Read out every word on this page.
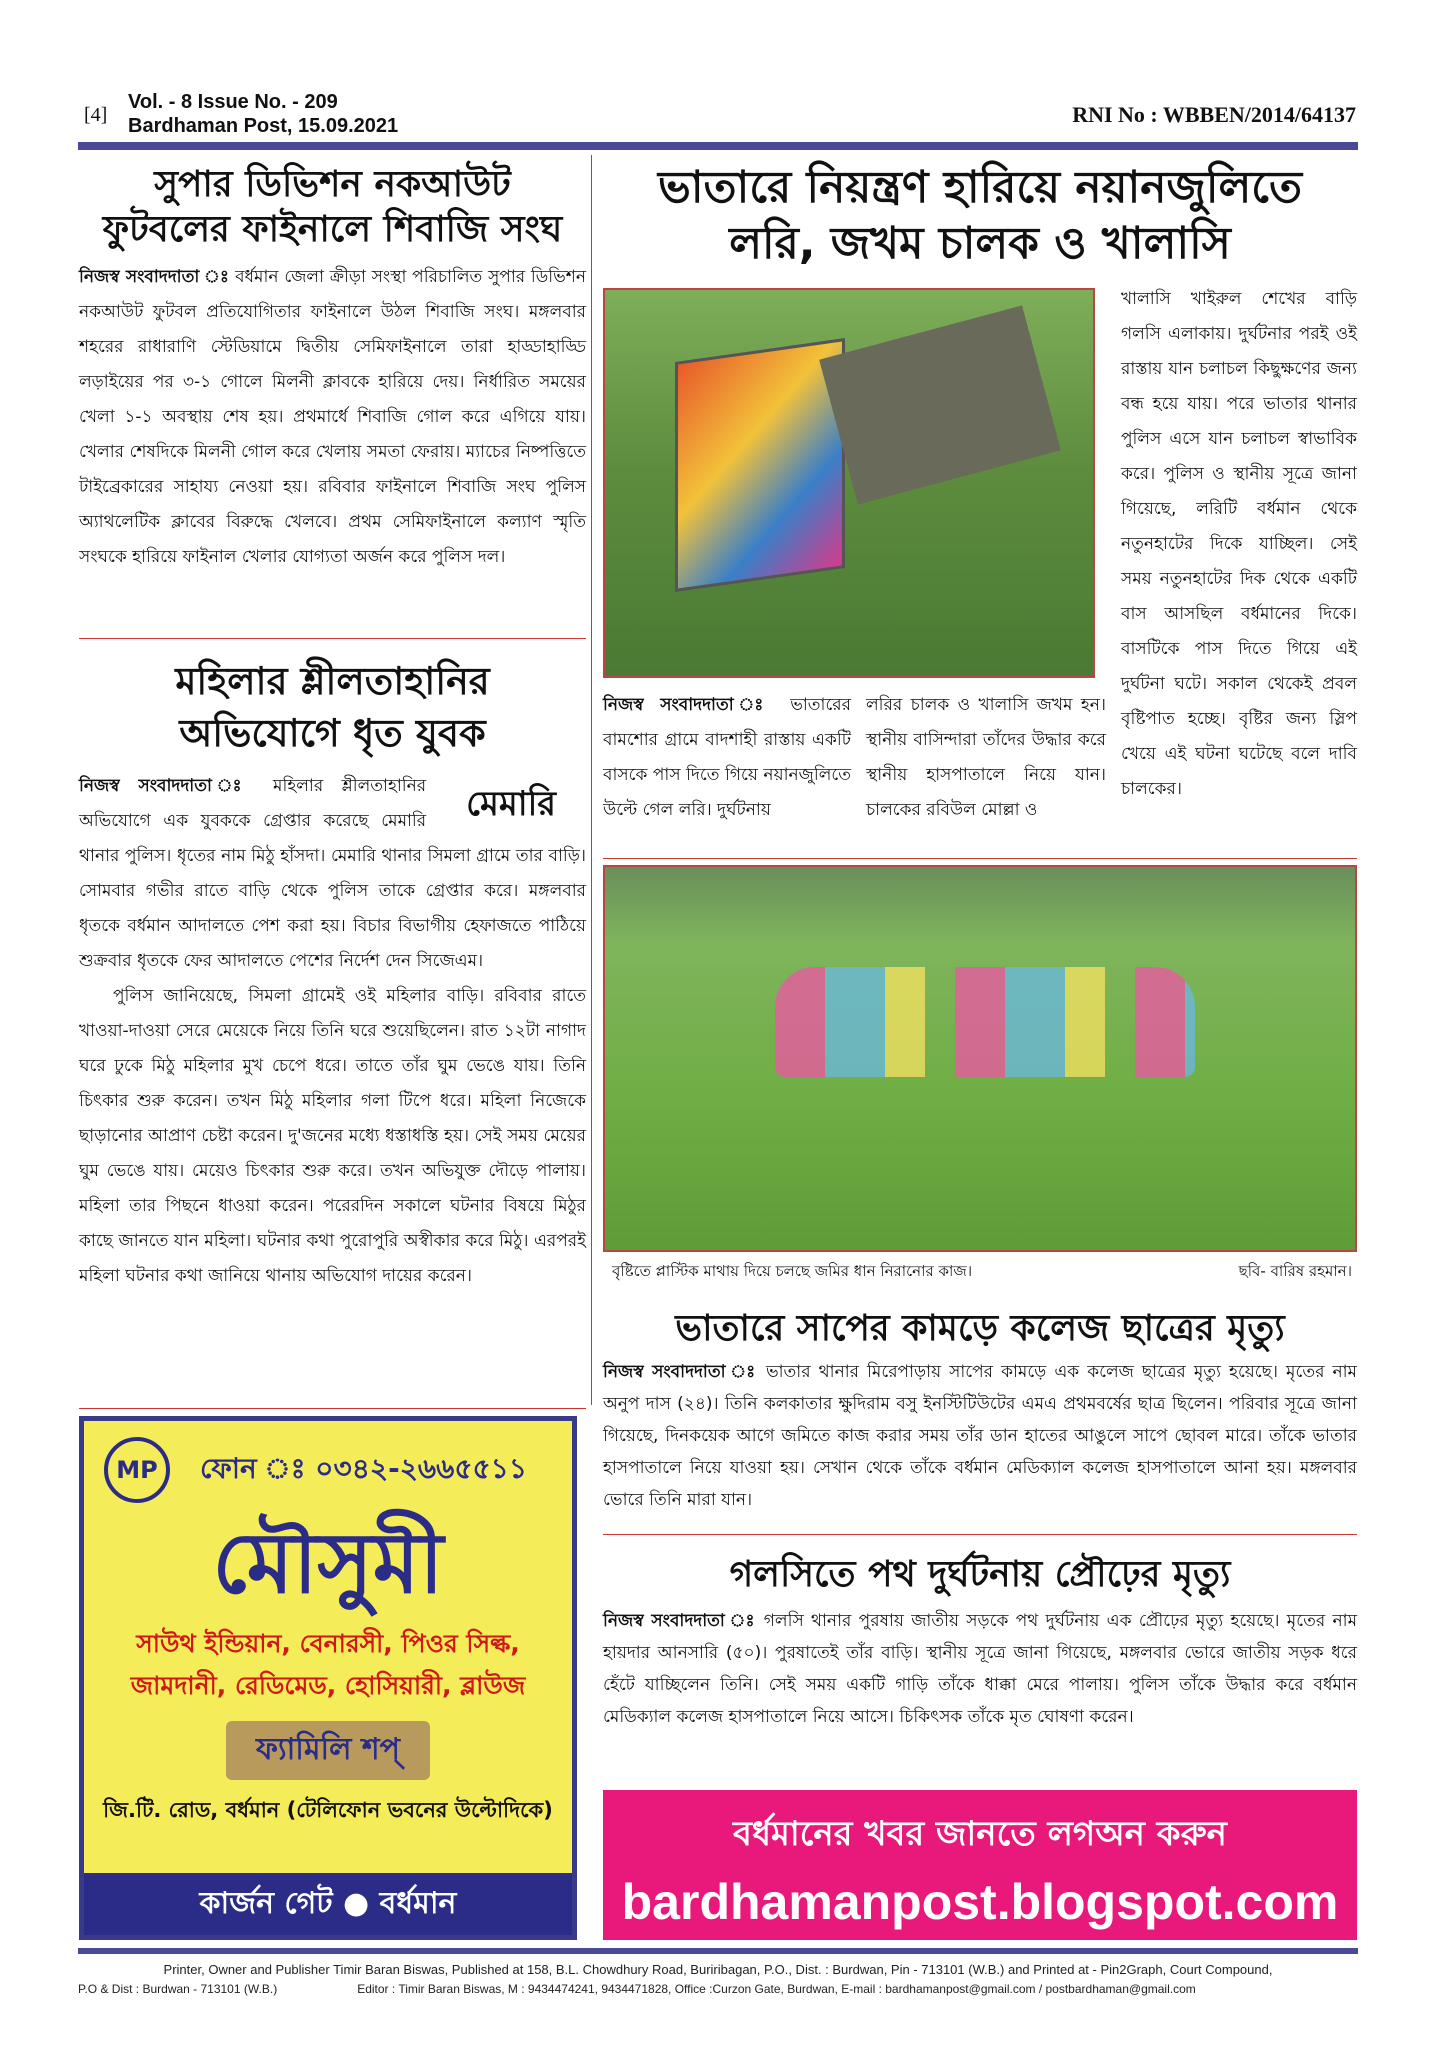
[4]
Vol. - 8 Issue No. - 209
Bardhaman Post, 15.09.2021	RNI No : WBBEN/2014/64137
সুপার ডিভিশন নকআউট
ফুটবলের ফাইনালে শিবাজি সংঘ

নিজস্ব সংবাদদাতা ঃ বর্ধমান জেলা ক্রীড়া সংস্থা পরিচালিত সুপার ডিভিশন নকআউট ফুটবল প্রতিযোগিতার ফাইনালে উঠল শিবাজি সংঘ। মঙ্গলবার শহরের রাধারাণি স্টেডিয়ামে দ্বিতীয় সেমিফাইনালে তারা হাড্ডাহাড্ডি লড়াইয়ের পর ৩-১ গোলে মিলনী ক্লাবকে হারিয়ে দেয়। নির্ধারিত সময়ের খেলা ১-১ অবস্থায় শেষ হয়। প্রথমার্ধে শিবাজি গোল করে এগিয়ে যায়। খেলার শেষদিকে মিলনী গোল করে খেলায় সমতা ফেরায়। ম্যাচের নিষ্পত্তিতে টাইব্রেকারের সাহায্য নেওয়া হয়। রবিবার ফাইনালে শিবাজি সংঘ পুলিস অ্যাথলেটিক ক্লাবের বিরুদ্ধে খেলবে। প্রথম সেমিফাইনালে কল্যাণ স্মৃতি সংঘকে হারিয়ে ফাইনাল খেলার যোগ্যতা অর্জন করে পুলিস দল।

মহিলার শ্লীলতাহানির
অভিযোগে ধৃত যুবক

নিজস্ব সংবাদদাতা ঃ	মেমারি
মহিলার শ্লীলতাহানির অভিযোগে এক যুবককে গ্রেপ্তার করেছে মেমারি থানার পুলিস। ধৃতের নাম মিঠু হাঁসদা। মেমারি থানার সিমলা গ্রামে তার বাড়ি। সোমবার গভীর রাতে বাড়ি থেকে পুলিস তাকে গ্রেপ্তার করে। মঙ্গলবার ধৃতকে বর্ধমান আদালতে পেশ করা হয়। বিচার বিভাগীয় হেফাজতে পাঠিয়ে শুক্রবার ধৃতকে ফের আদালতে পেশের নির্দেশ দেন সিজেএম।

পুলিস জানিয়েছে, সিমলা গ্রামেই ওই মহিলার বাড়ি। রবিবার রাতে খাওয়া-দাওয়া সেরে মেয়েকে নিয়ে তিনি ঘরে শুয়েছিলেন। রাত ১২টা নাগাদ ঘরে ঢুকে মিঠু মহিলার মুখ চেপে ধরে। তাতে তাঁর ঘুম ভেঙে যায়। তিনি চিৎকার শুরু করেন। তখন মিঠু মহিলার গলা টিপে ধরে। মহিলা নিজেকে ছাড়ানোর আপ্রাণ চেষ্টা করেন। দু'জনের মধ্যে ধস্তাধস্তি হয়। সেই সময় মেয়ের ঘুম ভেঙে যায়। মেয়েও চিৎকার শুরু করে। তখন অভিযুক্ত দৌড়ে পালায়। মহিলা তার পিছনে ধাওয়া করেন। পরেরদিন সকালে ঘটনার বিষয়ে মিঠুর কাছে জানতে যান মহিলা। ঘটনার কথা পুরোপুরি অস্বীকার করে মিঠু। এরপরই মহিলা ঘটনার কথা জানিয়ে থানায় অভিযোগ দায়ের করেন।

MP	ফোন ঃ ০৩৪২-২৬৬৫৫১১
মৌসুমী
সাউথ ইন্ডিয়ান, বেনারসী, পিওর সিল্ক, জামদানী, রেডিমেড, হোসিয়ারী, ব্লাউজ
ফ্যামিলি শপ্
জি.টি. রোড, বর্ধমান (টেলিফোন ভবনের উল্টোদিকে)
কার্জন গেট ● বর্ধমান
ভাতারে নিয়ন্ত্রণ হারিয়ে নয়ানজুলিতে
লরি, জখম চালক ও খালাসি
নিজস্ব সংবাদদাতা ঃ ভাতারের বামশোর গ্রামে বাদশাহী রাস্তায় একটি বাসকে পাস দিতে গিয়ে নয়ানজুলিতে উল্টে গেল লরি। দুর্ঘটনায়
লরির চালক ও খালাসি জখম হন। স্থানীয় বাসিন্দারা তাঁদের উদ্ধার করে স্থানীয় হাসপাতালে নিয়ে যান। চালকের রবিউল মোল্লা ও
খালাসি খাইরুল শেখের বাড়ি গলসি এলাকায়। দুর্ঘটনার পরই ওই রাস্তায় যান চলাচল কিছুক্ষণের জন্য বন্ধ হয়ে যায়। পরে ভাতার থানার পুলিস এসে যান চলাচল স্বাভাবিক করে। পুলিস ও স্থানীয় সূত্রে জানা গিয়েছে, লরিটি বর্ধমান থেকে নতুনহাটের দিকে যাচ্ছিল। সেই সময় নতুনহাটের দিক থেকে একটি বাস আসছিল বর্ধমানের দিকে। বাসটিকে পাস দিতে গিয়ে এই দুর্ঘটনা ঘটে। সকাল থেকেই প্রবল বৃষ্টিপাত হচ্ছে। বৃষ্টির জন্য স্লিপ খেয়ে এই ঘটনা ঘটেছে বলে দাবি চালকের।
বৃষ্টিতে প্লাস্টিক মাথায় দিয়ে চলছে জমির ধান নিরানোর কাজ।	ছবি- বারিষ রহমান।
ভাতারে সাপের কামড়ে কলেজ ছাত্রের মৃত্যু

নিজস্ব সংবাদদাতা ঃ ভাতার থানার মিরেপাড়ায় সাপের কামড়ে এক কলেজ ছাত্রের মৃত্যু হয়েছে। মৃতের নাম অনুপ দাস (২৪)। তিনি কলকাতার ক্ষুদিরাম বসু ইনস্টিটিউটের এমএ প্রথমবর্ষের ছাত্র ছিলেন। পরিবার সূত্রে জানা গিয়েছে, দিনকয়েক আগে জমিতে কাজ করার সময় তাঁর ডান হাতের আঙুলে সাপে ছোবল মারে। তাঁকে ভাতার হাসপাতালে নিয়ে যাওয়া হয়। সেখান থেকে তাঁকে বর্ধমান মেডিক্যাল কলেজ হাসপাতালে আনা হয়। মঙ্গলবার ভোরে তিনি মারা যান।

গলসিতে পথ দুর্ঘটনায় প্রৌঢ়ের মৃত্যু

নিজস্ব সংবাদদাতা ঃ গলসি থানার পুরষায় জাতীয় সড়কে পথ দুর্ঘটনায় এক প্রৌঢ়ের মৃত্যু হয়েছে। মৃতের নাম হায়দার আনসারি (৫০)। পুরষাতেই তাঁর বাড়ি। স্থানীয় সূত্রে জানা গিয়েছে, মঙ্গলবার ভোরে জাতীয় সড়ক ধরে হেঁটে যাচ্ছিলেন তিনি। সেই সময় একটি গাড়ি তাঁকে ধাক্কা মেরে পালায়। পুলিস তাঁকে উদ্ধার করে বর্ধমান মেডিক্যাল কলেজ হাসপাতালে নিয়ে আসে। চিকিৎসক তাঁকে মৃত ঘোষণা করেন।

বর্ধমানের খবর জানতে লগঅন করুন
bardhamanpost.blogspot.com
Printer, Owner and Publisher Timir Baran Biswas, Published at 158, B.L. Chowdhury Road, Buriribagan, P.O., Dist. : Burdwan, Pin - 713101 (W.B.) and Printed at - Pin2Graph, Court Compound,
P.O & Dist : Burdwan - 713101 (W.B.)	Editor : Timir Baran Biswas, M : 9434474241, 9434471828, Office :Curzon Gate, Burdwan, E-mail : bardhamanpost@gmail.com / postbardhaman@gmail.com
